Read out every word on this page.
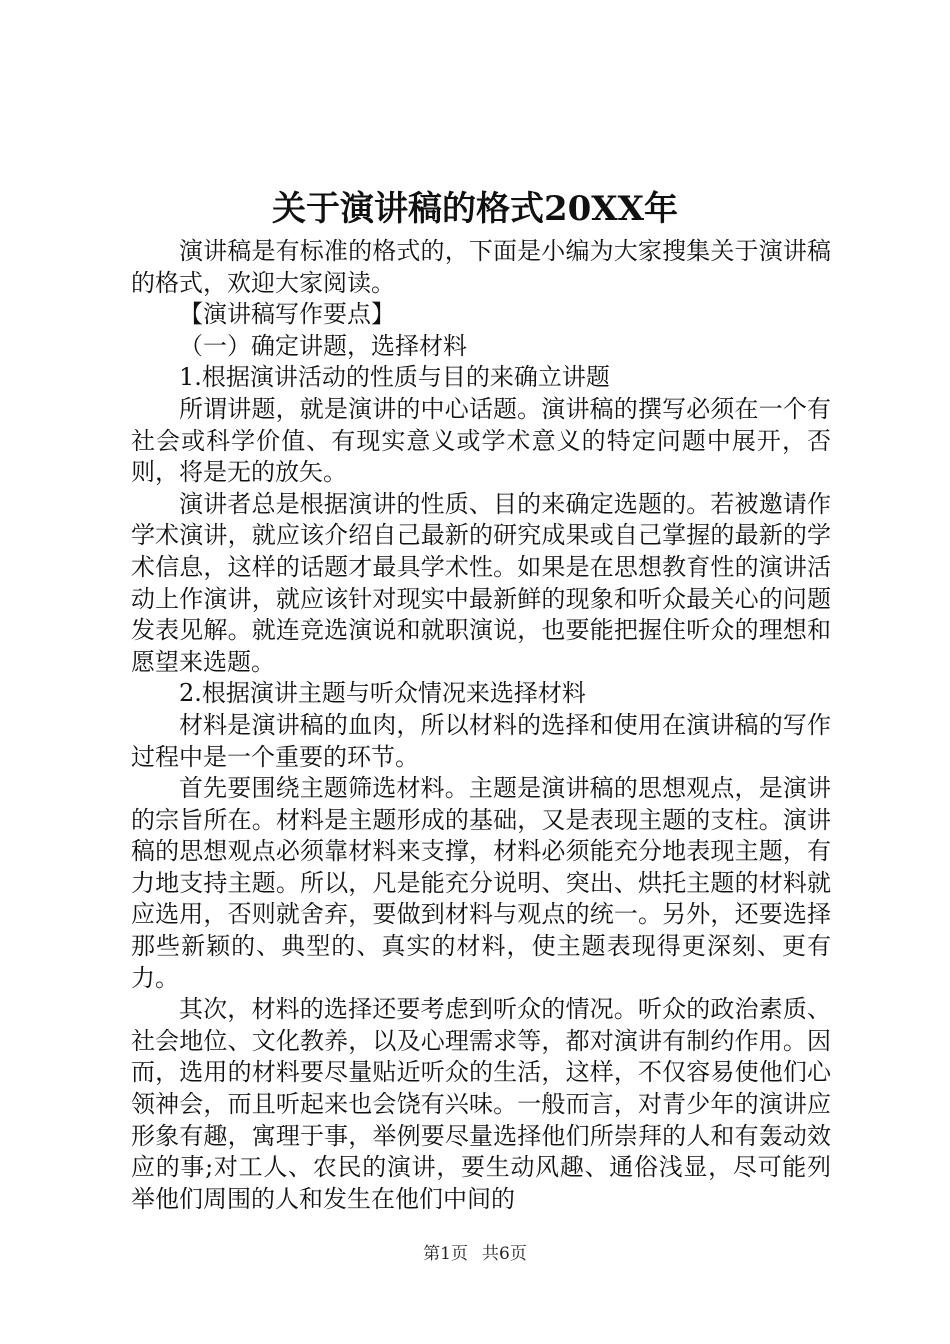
关于演讲稿的格式20XX年

演讲稿是有标准的格式的，下面是小编为大家搜集关于演讲稿的格式，欢迎大家阅读。

【演讲稿写作要点】

（一）确定讲题，选择材料

1.根据演讲活动的性质与目的来确立讲题

所谓讲题，就是演讲的中心话题。演讲稿的撰写必须在一个有社会或科学价值、有现实意义或学术意义的特定问题中展开，否则，将是无的放矢。

演讲者总是根据演讲的性质、目的来确定选题的。若被邀请作学术演讲，就应该介绍自己最新的研究成果或自己掌握的最新的学术信息，这样的话题才最具学术性。如果是在思想教育性的演讲活动上作演讲，就应该针对现实中最新鲜的现象和听众最关心的问题发表见解。就连竞选演说和就职演说，也要能把握住听众的理想和愿望来选题。

2.根据演讲主题与听众情况来选择材料

材料是演讲稿的血肉，所以材料的选择和使用在演讲稿的写作过程中是一个重要的环节。

首先要围绕主题筛选材料。主题是演讲稿的思想观点，是演讲的宗旨所在。材料是主题形成的基础，又是表现主题的支柱。演讲稿的思想观点必须靠材料来支撑，材料必须能充分地表现主题，有力地支持主题。所以，凡是能充分说明、突出、烘托主题的材料就应选用，否则就舍弃，要做到材料与观点的统一。另外，还要选择那些新颖的、典型的、真实的材料，使主题表现得更深刻、更有力。

其次，材料的选择还要考虑到听众的情况。听众的政治素质、社会地位、文化教养，以及心理需求等，都对演讲有制约作用。因而，选用的材料要尽量贴近听众的生活，这样，不仅容易使他们心领神会，而且听起来也会饶有兴味。一般而言，对青少年的演讲应形象有趣，寓理于事，举例要尽量选择他们所崇拜的人和有轰动效应的事;对工人、农民的演讲，要生动风趣、通俗浅显，尽可能列举他们周围的人和发生在他们中间的

第1页 共6页
